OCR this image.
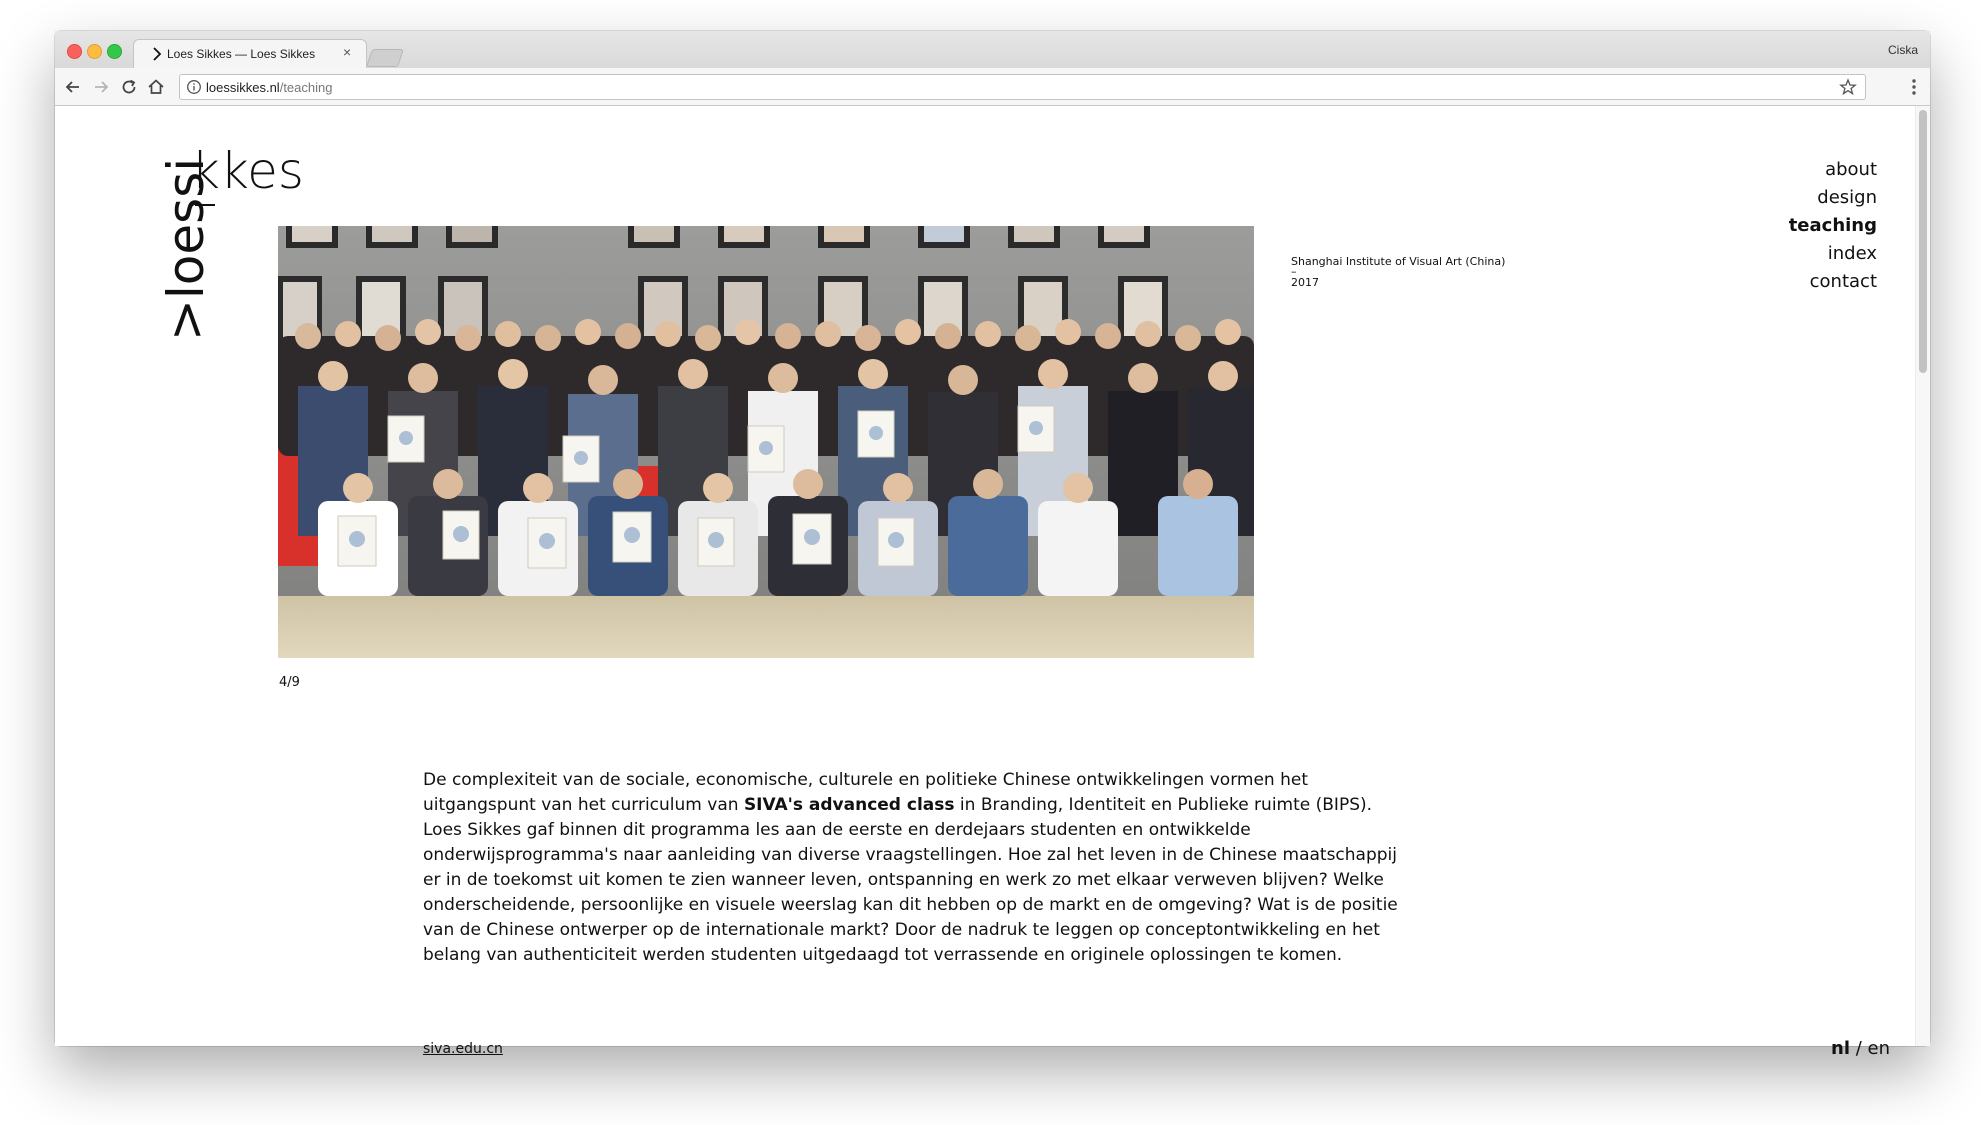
Loes Sikkes — Loes Sikkes ×	Ciska
loessikkes.nl/teaching
kkes
>loessi	about
design
teaching
index
contact
4/9
Shanghai Institute of Visual Art (China)
–
2017
De complexiteit van de sociale, economische, culturele en politieke Chinese ontwikkelingen vormen het uitgangspunt van het curriculum van SIVA's advanced class in Branding, Identiteit en Publieke ruimte (BIPS). Loes Sikkes gaf binnen dit programma les aan de eerste en derdejaars studenten en ontwikkelde onderwijsprogramma's naar aanleiding van diverse vraagstellingen. Hoe zal het leven in de Chinese maatschappij er in de toekomst uit komen te zien wanneer leven, ontspanning en werk zo met elkaar verweven blijven? Welke onderscheidende, persoonlijke en visuele weerslag kan dit hebben op de markt en de omgeving? Wat is de positie van de Chinese ontwerper op de internationale markt? Door de nadruk te leggen op conceptontwikkeling en het belang van authenticiteit werden studenten uitgedaagd tot verrassende en originele oplossingen te komen.
siva.edu.cn	nl / en
